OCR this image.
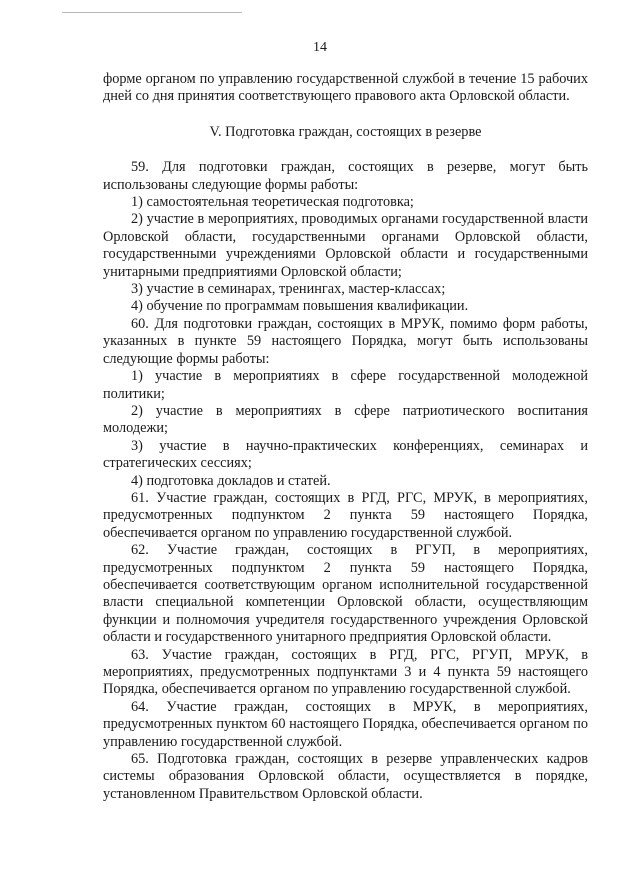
14

форме органом по управлению государственной службой в течение 15 рабочих дней со дня принятия соответствующего правового акта Орловской области.

V. Подготовка граждан, состоящих в резерве

59. Для подготовки граждан, состоящих в резерве, могут быть использованы следующие формы работы:

1) самостоятельная теоретическая подготовка;

2) участие в мероприятиях, проводимых органами государственной власти Орловской области, государственными органами Орловской области, государственными учреждениями Орловской области и государственными унитарными предприятиями Орловской области;

3) участие в семинарах, тренингах, мастер-классах;

4) обучение по программам повышения квалификации.

60. Для подготовки граждан, состоящих в МРУК, помимо форм работы, указанных в пункте 59 настоящего Порядка, могут быть использованы следующие формы работы:

1) участие в мероприятиях в сфере государственной молодежной политики;

2) участие в мероприятиях в сфере патриотического воспитания молодежи;

3) участие в научно-практических конференциях, семинарах и стратегических сессиях;

4) подготовка докладов и статей.

61. Участие граждан, состоящих в РГД, РГС, МРУК, в мероприятиях, предусмотренных подпунктом 2 пункта 59 настоящего Порядка, обеспечивается органом по управлению государственной службой.

62. Участие граждан, состоящих в РГУП, в мероприятиях, предусмотренных подпунктом 2 пункта 59 настоящего Порядка, обеспечивается соответствующим органом исполнительной государственной власти специальной компетенции Орловской области, осуществляющим функции и полномочия учредителя государственного учреждения Орловской области и государственного унитарного предприятия Орловской области.

63. Участие граждан, состоящих в РГД, РГС, РГУП, МРУК, в мероприятиях, предусмотренных подпунктами 3 и 4 пункта 59 настоящего Порядка, обеспечивается органом по управлению государственной службой.

64. Участие граждан, состоящих в МРУК, в мероприятиях, предусмотренных пунктом 60 настоящего Порядка, обеспечивается органом по управлению государственной службой.

65. Подготовка граждан, состоящих в резерве управленческих кадров системы образования Орловской области, осуществляется в порядке, установленном Правительством Орловской области.
